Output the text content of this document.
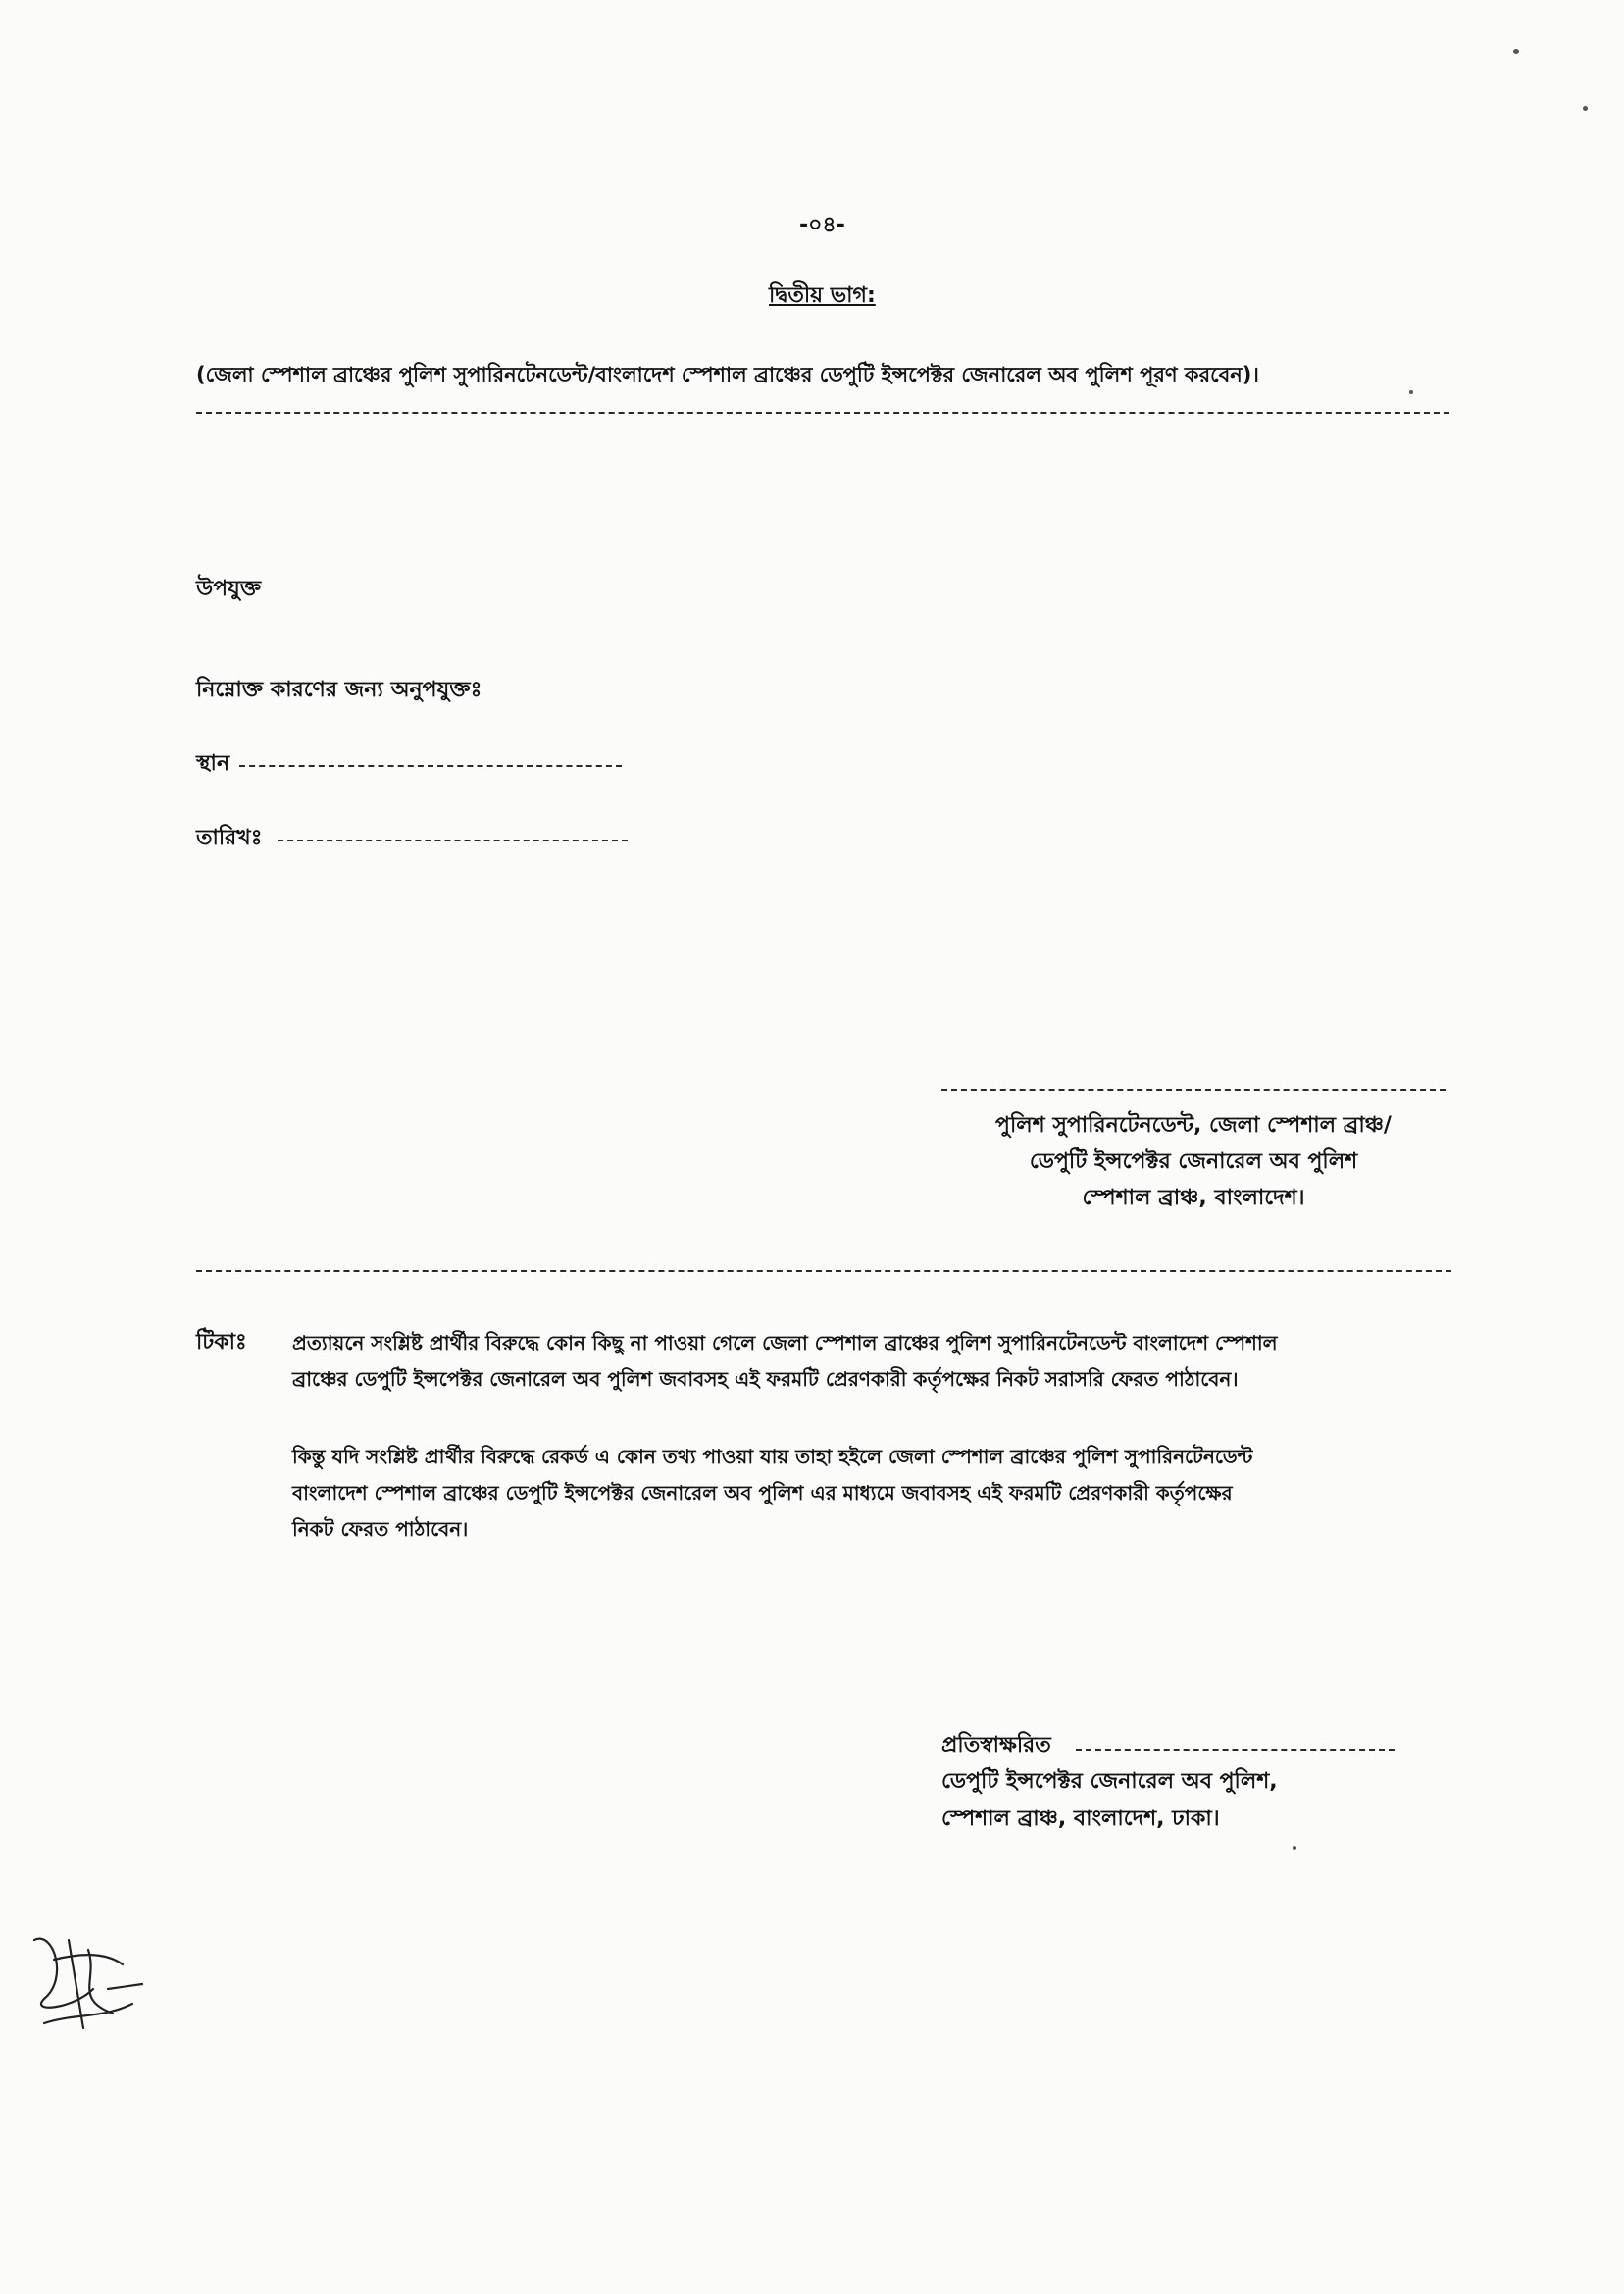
-০৪-
দ্বিতীয় ভাগ:
(জেলা স্পেশাল ব্রাঞ্চের পুলিশ সুপারিনটেনডেন্ট/বাংলাদেশ স্পেশাল ব্রাঞ্চের ডেপুটি ইন্সপেক্টর জেনারেল অব পুলিশ পূরণ করবেন)।
উপযুক্ত
নিম্নোক্ত কারণের জন্য অনুপযুক্তঃ
স্থান
তারিখঃ
পুলিশ সুপারিনটেনডেন্ট, জেলা স্পেশাল ব্রাঞ্চ/
ডেপুটি ইন্সপেক্টর জেনারেল অব পুলিশ
স্পেশাল ব্রাঞ্চ, বাংলাদেশ।
টিকাঃ প্রত্যায়নে সংশ্লিষ্ট প্রার্থীর বিরুদ্ধে কোন কিছু না পাওয়া গেলে জেলা স্পেশাল ব্রাঞ্চের পুলিশ সুপারিনটেনডেন্ট বাংলাদেশ স্পেশাল
ব্রাঞ্চের ডেপুটি ইন্সপেক্টর জেনারেল অব পুলিশ জবাবসহ এই ফরমটি প্রেরণকারী কর্তৃপক্ষের নিকট সরাসরি ফেরত পাঠাবেন।
কিন্তু যদি সংশ্লিষ্ট প্রার্থীর বিরুদ্ধে রেকর্ড এ কোন তথ্য পাওয়া যায় তাহা হইলে জেলা স্পেশাল ব্রাঞ্চের পুলিশ সুপারিনটেনডেন্ট
বাংলাদেশ স্পেশাল ব্রাঞ্চের ডেপুটি ইন্সপেক্টর জেনারেল অব পুলিশ এর মাধ্যমে জবাবসহ এই ফরমটি প্রেরণকারী কর্তৃপক্ষের
নিকট ফেরত পাঠাবেন।
প্রতিস্বাক্ষরিত
ডেপুটি ইন্সপেক্টর জেনারেল অব পুলিশ,
স্পেশাল ব্রাঞ্চ, বাংলাদেশ, ঢাকা।
